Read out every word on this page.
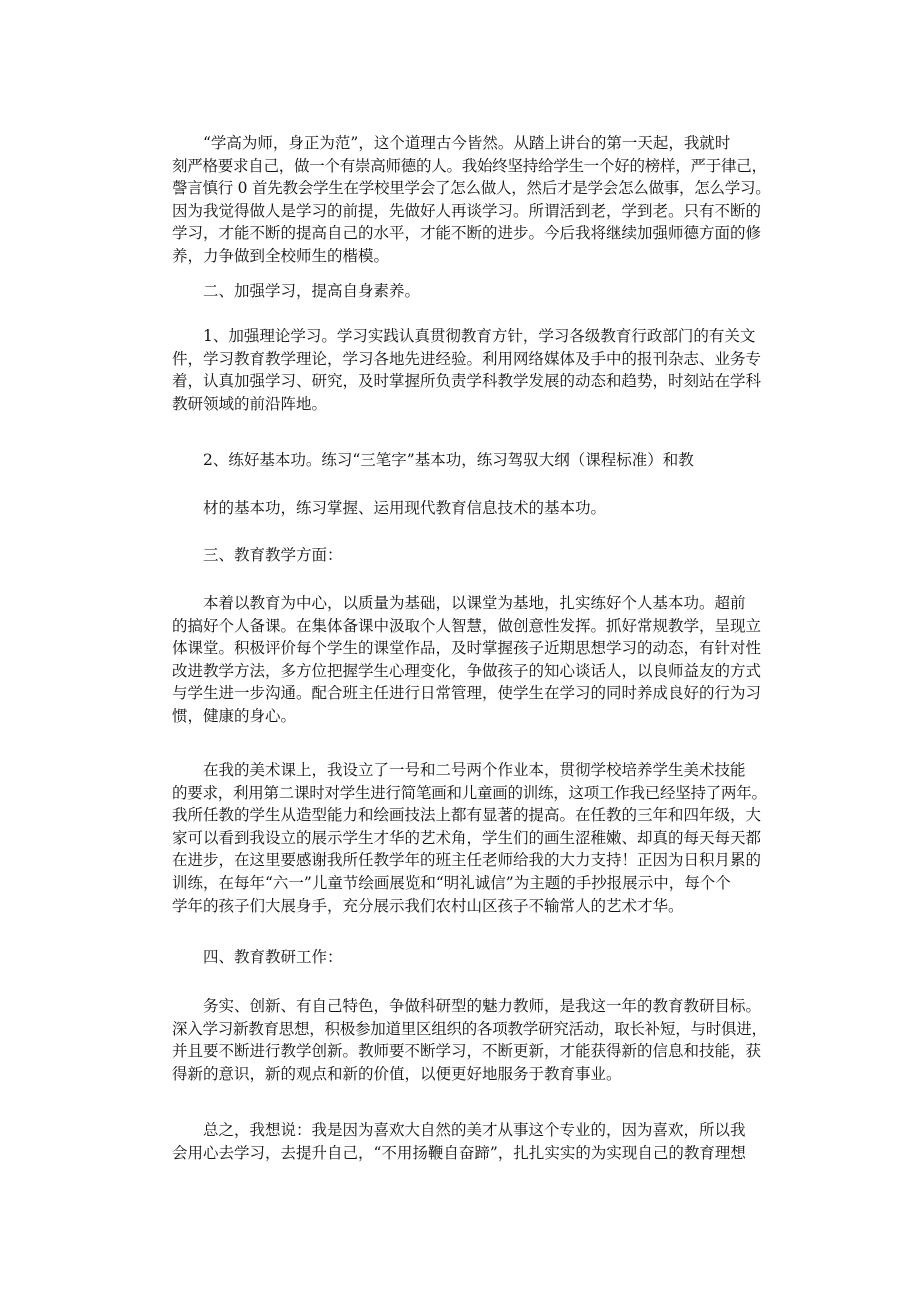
　　“学高为师，身正为范”，这个道理古今皆然。从踏上讲台的第一天起，我就时
刻严格要求自己，做一个有崇高师德的人。我始终坚持给学生一个好的榜样，严于律己，
謦言慎行 0 首先教会学生在学校里学会了怎么做人，然后才是学会怎么做事，怎么学习。
因为我觉得做人是学习的前提，先做好人再谈学习。所谓活到老，学到老。只有不断的
学习，才能不断的提高自己的水平，才能不断的进步。今后我将继续加强师德方面的修
养，力争做到全校师生的楷模。
　　二、加强学习，提高自身素养。
　　1、加强理论学习。学习实践认真贯彻教育方针，学习各级教育行政部门的有关文
件，学习教育教学理论，学习各地先进经验。利用网络媒体及手中的报刊杂志、业务专
着，认真加强学习、研究，及时掌握所负责学科教学发展的动态和趋势，时刻站在学科
教研领域的前沿阵地。
　　2、练好基本功。练习“三笔字”基本功，练习驾驭大纲（课程标准）和教
　　材的基本功，练习掌握、运用现代教育信息技术的基本功。
　　三、教育教学方面：
　　本着以教育为中心，以质量为基础，以课堂为基地，扎实练好个人基本功。超前
的搞好个人备课。在集体备课中汲取个人智慧，做创意性发挥。抓好常规教学，呈现立
体课堂。积极评价每个学生的课堂作品，及时掌握孩子近期思想学习的动态，有针对性
改进教学方法，多方位把握学生心理变化，争做孩子的知心谈话人，以良师益友的方式
与学生进一步沟通。配合班主任进行日常管理，使学生在学习的同时养成良好的行为习
惯，健康的身心。
　　在我的美术课上，我设立了一号和二号两个作业本，贯彻学校培养学生美术技能
的要求，利用第二课时对学生进行简笔画和儿童画的训练，这项工作我已经坚持了两年。
我所任教的学生从造型能力和绘画技法上都有显著的提高。在任教的三年和四年级，大
家可以看到我设立的展示学生才华的艺术角，学生们的画生涩稚嫩、却真的每天每天都
在进步，在这里要感谢我所任教学年的班主任老师给我的大力支持！正因为日积月累的
训练，在每年“六一”儿童节绘画展览和“明礼诚信”为主题的手抄报展示中，每个个
学年的孩子们大展身手，充分展示我们农村山区孩子不输常人的艺术才华。
　　四、教育教研工作：
　　务实、创新、有自己特色，争做科研型的魅力教师，是我这一年的教育教研目标。
深入学习新教育思想，积极参加道里区组织的各项教学研究活动，取长补短，与时俱进，
并且要不断进行教学创新。教师要不断学习，不断更新，才能获得新的信息和技能，获
得新的意识，新的观点和新的价值，以便更好地服务于教育事业。
　　总之，我想说：我是因为喜欢大自然的美才从事这个专业的，因为喜欢，所以我
会用心去学习，去提升自己，“不用扬鞭自奋蹄”，扎扎实实的为实现自己的教育理想
